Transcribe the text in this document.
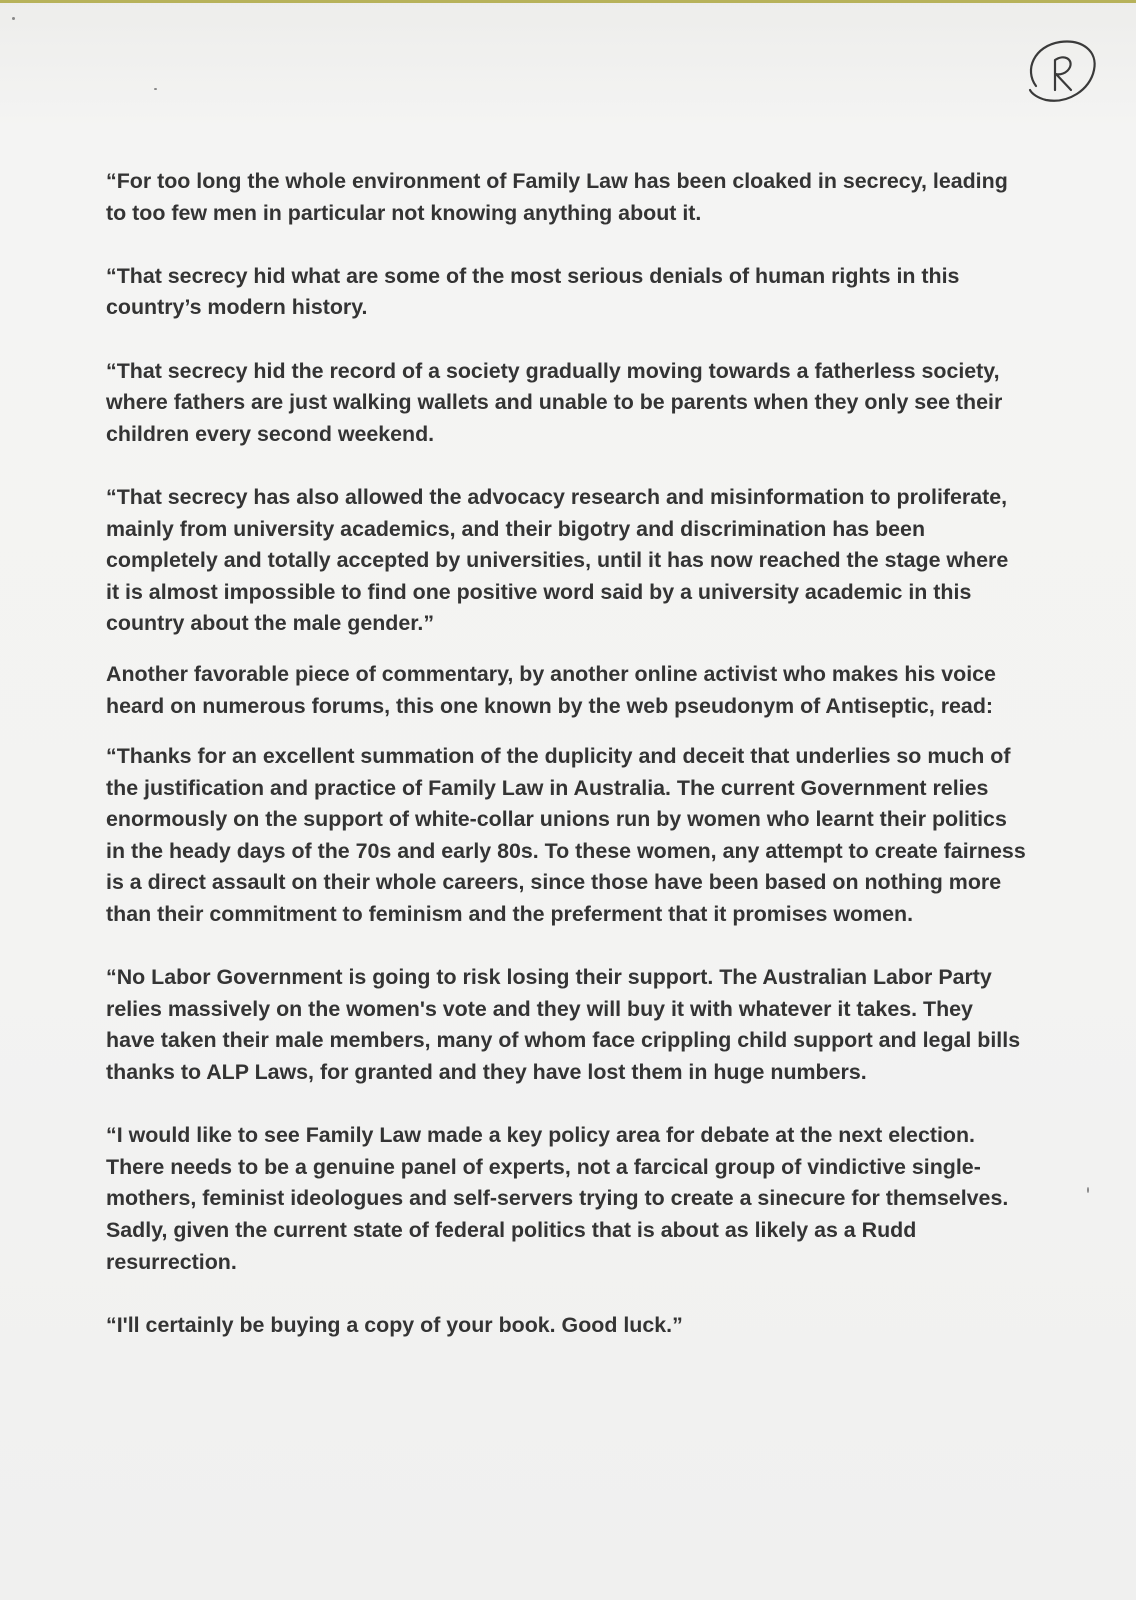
“For too long the whole environment of Family Law has been cloaked in secrecy, leading to too few men in particular not knowing anything about it.

“That secrecy hid what are some of the most serious denials of human rights in this country’s modern history.

“That secrecy hid the record of a society gradually moving towards a fatherless society, where fathers are just walking wallets and unable to be parents when they only see their children every second weekend.

“That secrecy has also allowed the advocacy research and misinformation to proliferate, mainly from university academics, and their bigotry and discrimination has been completely and totally accepted by universities, until it has now reached the stage where it is almost impossible to find one positive word said by a university academic in this country about the male gender.”

Another favorable piece of commentary, by another online activist who makes his voice heard on numerous forums, this one known by the web pseudonym of Antiseptic, read:

“Thanks for an excellent summation of the duplicity and deceit that underlies so much of the justification and practice of Family Law in Australia. The current Government relies enormously on the support of white-collar unions run by women who learnt their politics in the heady days of the 70s and early 80s. To these women, any attempt to create fairness is a direct assault on their whole careers, since those have been based on nothing more than their commitment to feminism and the preferment that it promises women.

“No Labor Government is going to risk losing their support. The Australian Labor Party relies massively on the women's vote and they will buy it with whatever it takes. They have taken their male members, many of whom face crippling child support and legal bills thanks to ALP Laws, for granted and they have lost them in huge numbers.

“I would like to see Family Law made a key policy area for debate at the next election. There needs to be a genuine panel of experts, not a farcical group of vindictive single-mothers, feminist ideologues and self-servers trying to create a sinecure for themselves. Sadly, given the current state of federal politics that is about as likely as a Rudd resurrection.

“I'll certainly be buying a copy of your book. Good luck.”
